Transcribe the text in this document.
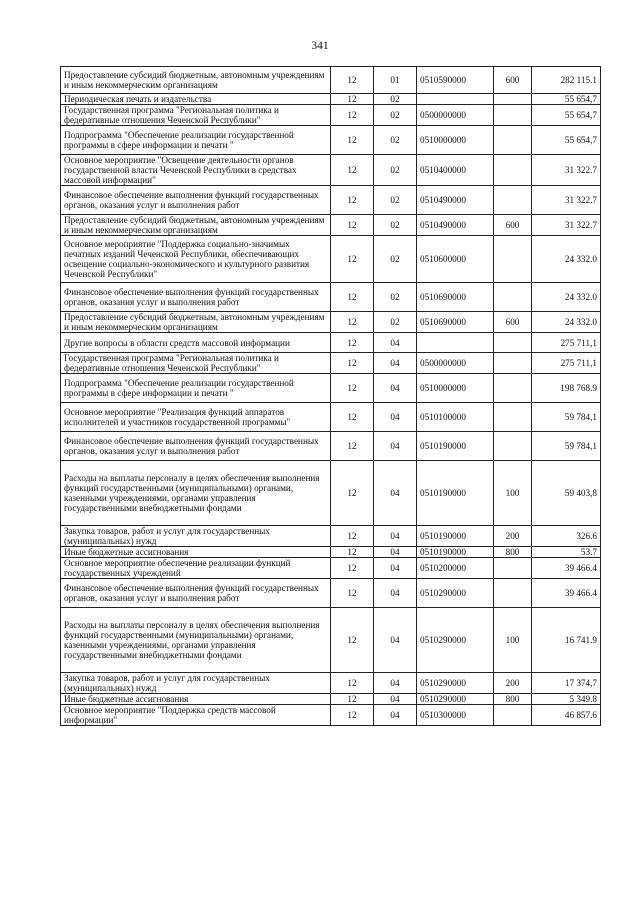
341
Предоставление субсидий бюджетным, автономным учреждениям и иным некоммерческим организациям	12	01	0510590000	600	282 115.1
Периодическая печать и издательства	12	02			55 654,7
Государственная программа "Региональная политика и федеративные отношения Чеченской Республики"	12	02	0500000000		55 654,7
Подпрограмма "Обеспечение реализации государственной программы в сфере информации и печати "	12	02	0510000000		55 654,7
Основное мероприятие "Освещение деятельности органов государственной власти Чеченской Республики в средствах массовой информации"	12	02	0510400000		31 322.7
Финансовое обеспечение выполнения функций государственных органов, оказания услуг и выполнения работ	12	02	0510490000		31 322.7
Предоставление субсидий бюджетным, автономным учреждениям и иным некоммерческим организациям	12	02	0510490000	600	31 322.7
Основное мероприятие "Поддержка социально-значимых печатных изданий Чеченской Республики, обеспечивающих освещение социально-экономического и культурного развития Чеченской Республики"	12	02	0510600000		24 332.0
Финансовое обеспечение выполнения функций государственных органов, оказания услуг и выполнения работ	12	02	0510690000		24 332.0
Предоставление субсидий бюджетным, автономным учреждениям и иным некоммерческим организациям	12	02	0510690000	600	24 332.0
Другие вопросы в области средств массовой информации	12	04			275 711,1
Государственная программа "Региональная политика и федеративные отношения Чеченской Республики"	12	04	0500000000		275 711,1
Подпрограмма "Обеспечение реализации государственной программы в сфере информации и печати "	12	04	0510000000		198 768.9
Основное мероприятие "Реализация функций аппаратов исполнителей и участников государственной программы"	12	04	0510100000		59 784,1
Финансовое обеспечение выполнения функций государственных органов, оказания услуг и выполнения работ	12	04	0510190000		59 784,1
Расходы на выплаты персоналу в целях обеспечения выполнения функций государственными (муниципальными) органами, казенными учреждениями, органами управления государственными внебюджетными фондами	12	04	0510190000	100	59 403,8
Закупка товаров, работ и услуг для государственных (муниципальных) нужд	12	04	0510190000	200	326.6
Иные бюджетные ассигнования	12	04	0510190000	800	53.7
Основное мероприятие обеспечение реализации функций государственных учреждений	12	04	0510200000		39 466.4
Финансовое обеспечение выполнения функций государственных органов, оказания услуг и выполнения работ	12	04	0510290000		39 466.4
Расходы на выплаты персоналу в целях обеспечения выполнения функций государственными (муниципальными) органами, казенными учреждениями, органами управления государственными внебюджетными фондами	12	04	0510290000	100	16 741.9
Закупка товаров, работ и услуг для государственных (муниципальных) нужд	12	04	0510290000	200	17 374,7
Иные бюджетные ассигнования	12	04	0510290000	800	5 349.8
Основное мероприятие "Поддержка средств массовой информации"	12	04	0510300000		46 857.6
